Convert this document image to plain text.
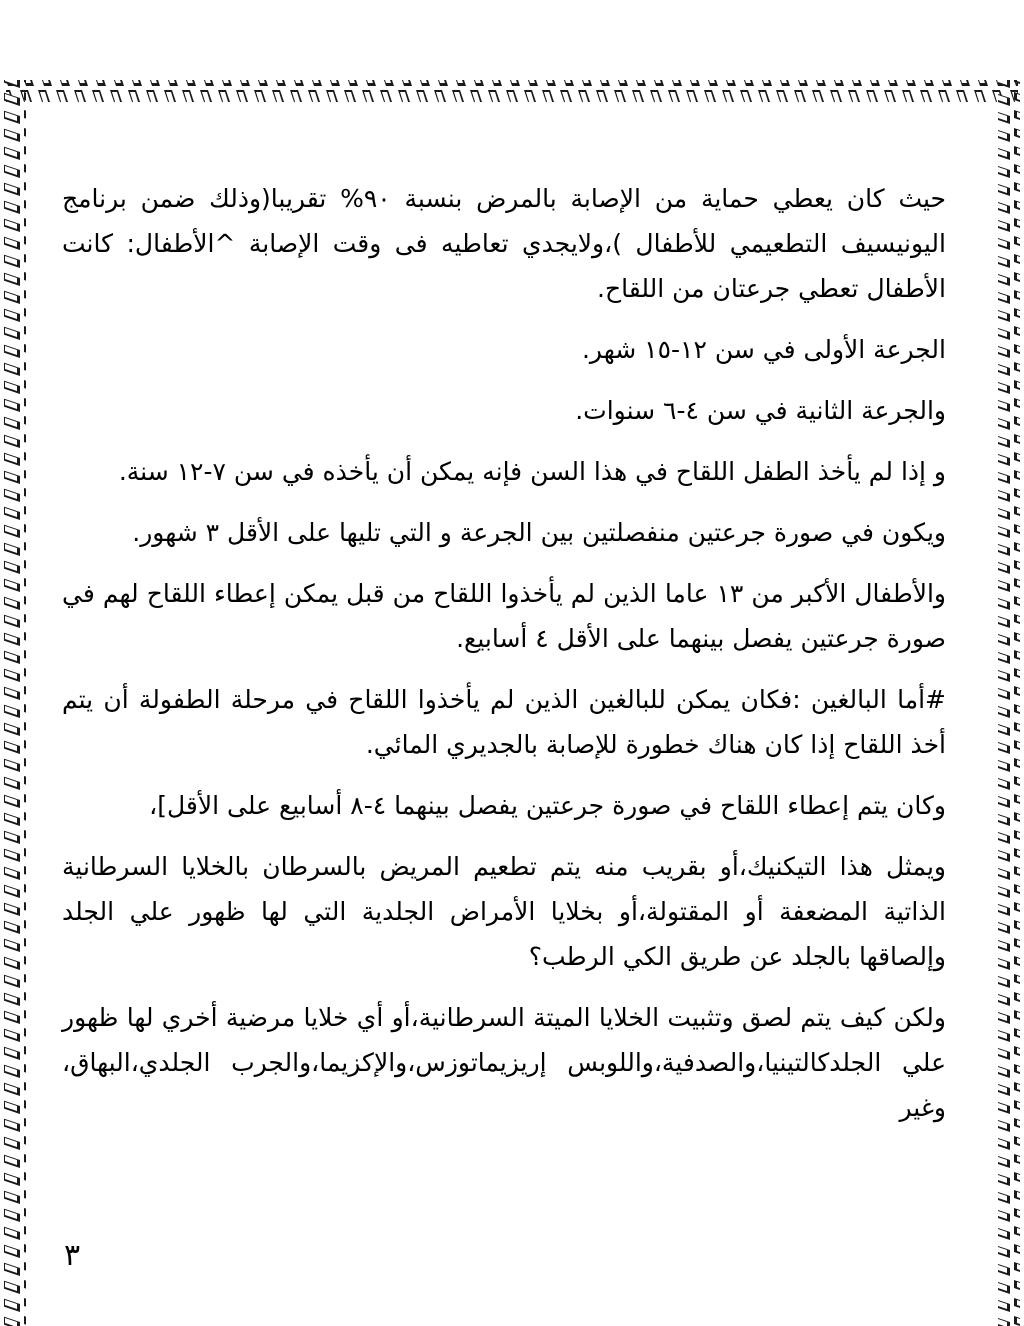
حيث كان يعطي حماية من الإصابة بالمرض بنسبة ٩٠% تقريبا(وذلك ضمن برنامج اليونيسيف التطعيمي للأطفال )،ولايجدي تعاطيه فى وقت الإصابة ^الأطفال: كانت الأطفال تعطي جرعتان من اللقاح.

الجرعة الأولى في سن ١٢-١٥ شهر.

والجرعة الثانية في سن ٤-٦ سنوات.

و إذا لم يأخذ الطفل اللقاح في هذا السن فإنه يمكن أن يأخذه في سن ٧-١٢ سنة.

ويكون في صورة جرعتين منفصلتين بين الجرعة و التي تليها على الأقل ٣ شهور.

والأطفال الأكبر من ١٣ عاما الذين لم يأخذوا اللقاح من قبل يمكن إعطاء اللقاح لهم في صورة جرعتين يفصل بينهما على الأقل ٤ أسابيع.

#أما البالغين :فكان يمكن للبالغين الذين لم يأخذوا اللقاح في مرحلة الطفولة أن يتم أخذ اللقاح إذا كان هناك خطورة للإصابة بالجديري المائي.

وكان يتم إعطاء اللقاح في صورة جرعتين يفصل بينهما ٤-٨ أسابيع على الأقل]،

ويمثل هذا التيكنيك،أو بقريب منه يتم تطعيم المريض بالسرطان بالخلايا السرطانية الذاتية المضعفة أو المقتولة،أو بخلايا الأمراض الجلدية التي لها ظهور علي الجلد وإلصاقها بالجلد عن طريق الكي الرطب؟

ولكن كيف يتم لصق وتثبيت الخلايا الميتة السرطانية،أو أي خلايا مرضية أخري لها ظهور علي الجلدكالتينيا،والصدفية،واللوبس إريزيماتوزس،والإكزيما،والجرب الجلدي،البهاق، وغير

٣
